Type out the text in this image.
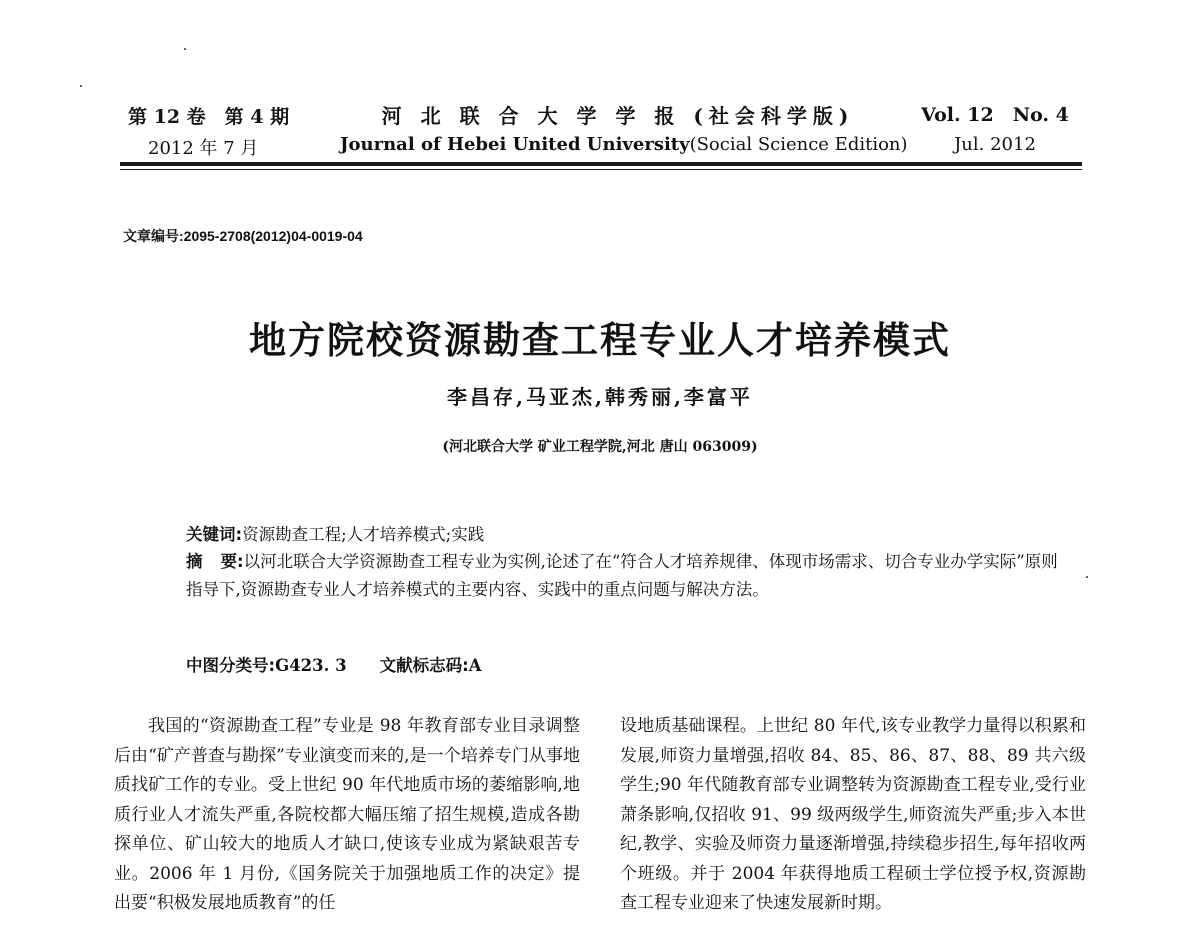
第 12 卷　第 4 期
2012 年 7 月
河 北 联 合 大 学 学 报 (社会科学版)
Journal of Hebei United University(Social Science Edition)
Vol. 12　No. 4
Jul. 2012
文章编号:2095-2708(2012)04-0019-04
地方院校资源勘查工程专业人才培养模式
李昌存,马亚杰,韩秀丽,李富平
(河北联合大学 矿业工程学院,河北 唐山 063009)
关键词:资源勘查工程;人才培养模式;实践
摘 要:以河北联合大学资源勘查工程专业为实例,论述了在“符合人才培养规律、体现市场需求、切合专业办学实际”原则指导下,资源勘查专业人才培养模式的主要内容、实践中的重点问题与解决方法。
中图分类号:G423. 3　　 文献标志码:A

我国的“资源勘查工程”专业是 98 年教育部专业目录调整后由“矿产普查与勘探”专业演变而来的,是一个培养专门从事地质找矿工作的专业。受上世纪 90 年代地质市场的萎缩影响,地质行业人才流失严重,各院校都大幅压缩了招生规模,造成各勘探单位、矿山较大的地质人才缺口,使该专业成为紧缺艰苦专业。2006 年 1 月份,《国务院关于加强地质工作的决定》提出要“积极发展地质教育”的任

设地质基础课程。上世纪 80 年代,该专业教学力量得以积累和发展,师资力量增强,招收 84、85、86、87、88、89 共六级学生;90 年代随教育部专业调整转为资源勘查工程专业,受行业萧条影响,仅招收 91、99 级两级学生,师资流失严重;步入本世纪,教学、实验及师资力量逐渐增强,持续稳步招生,每年招收两个班级。并于 2004 年获得地质工程硕士学位授予权,资源勘查工程专业迎来了快速发展新时期。
